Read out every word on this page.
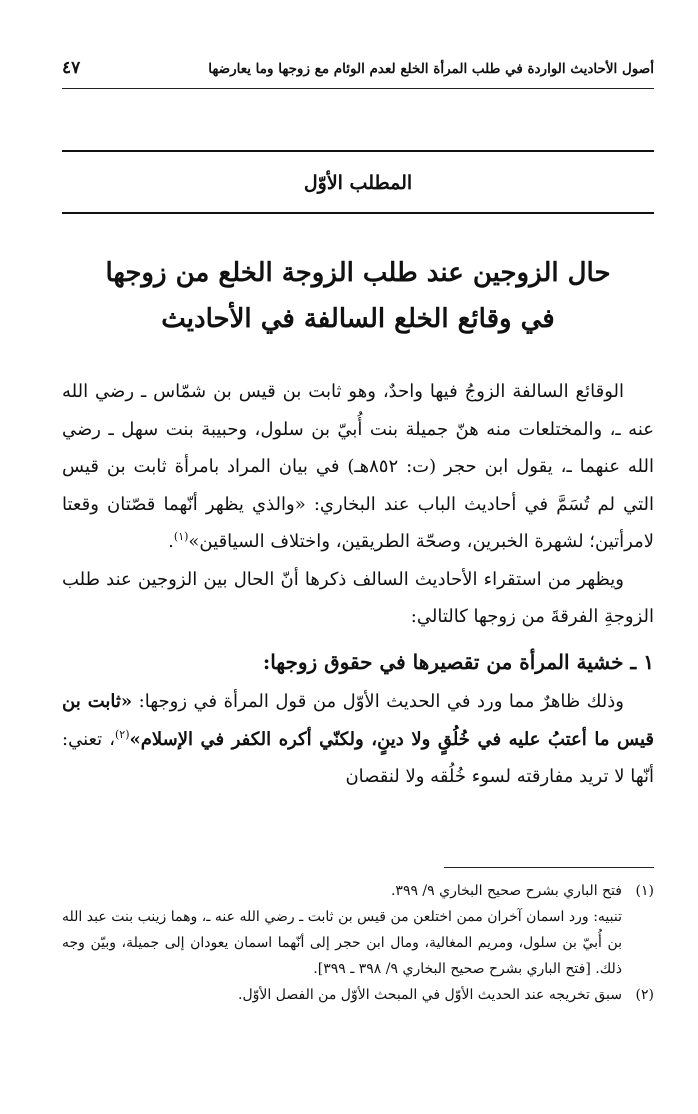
أصول الأحاديث الواردة في طلب المرأة الخلع لعدم الوئام مع زوجها وما يعارضها
٤٧
المطلب الأوّل
حال الزوجين عند طلب الزوجة الخلع من زوجها
في وقائع الخلع السالفة في الأحاديث

الوقائع السالفة الزوجُ فيها واحدٌ، وهو ثابت بن قيس بن شمّاس ـ رضي الله عنه ـ، والمختلعات منه هنّ جميلة بنت أُبيّ بن سلول، وحبيبة بنت سهل ـ رضي الله عنهما ـ، يقول ابن حجر (ت: ٨٥٢هـ) في بيان المراد بامرأة ثابت بن قيس التي لم تُسَمَّ في أحاديث الباب عند البخاري: «والذي يظهر أنّهما قصّتان وقعتا لامرأتين؛ لشهرة الخبرين، وصحّة الطريقين، واختلاف السياقين»$^{(١)}$.

ويظهر من استقراء الأحاديث السالف ذكرها أنّ الحال بين الزوجين عند طلب الزوجةِ الفرقةَ من زوجها كالتالي:

١ ـ خشية المرأة من تقصيرها في حقوق زوجها:

وذلك ظاهرٌ مما ورد في الحديث الأوّل من قول المرأة في زوجها: «ثابت بن قيس ما أعتبُ عليه في خُلُقٍ ولا دينٍ، ولكنّي أكره الكفر في الإسلام»$^{(٢)}$، تعني: أنّها لا تريد مفارقته لسوء خُلُقه ولا لنقصان

(١)
فتح الباري بشرح صحيح البخاري ٩/ ٣٩٩.
تنبيه: ورد اسمان آخران ممن اختلعن من قيس بن ثابت ـ رضي الله عنه ـ، وهما زينب بنت عبد الله بن أُبيّ بن سلول، ومريم المغالية، ومال ابن حجر إلى أنّهما اسمان يعودان إلى جميلة، وبيّن وجه ذلك. [فتح الباري بشرح صحيح البخاري ٩/ ٣٩٨ ـ ٣٩٩].
(٢)
سبق تخريجه عند الحديث الأوّل في المبحث الأوّل من الفصل الأوّل.
